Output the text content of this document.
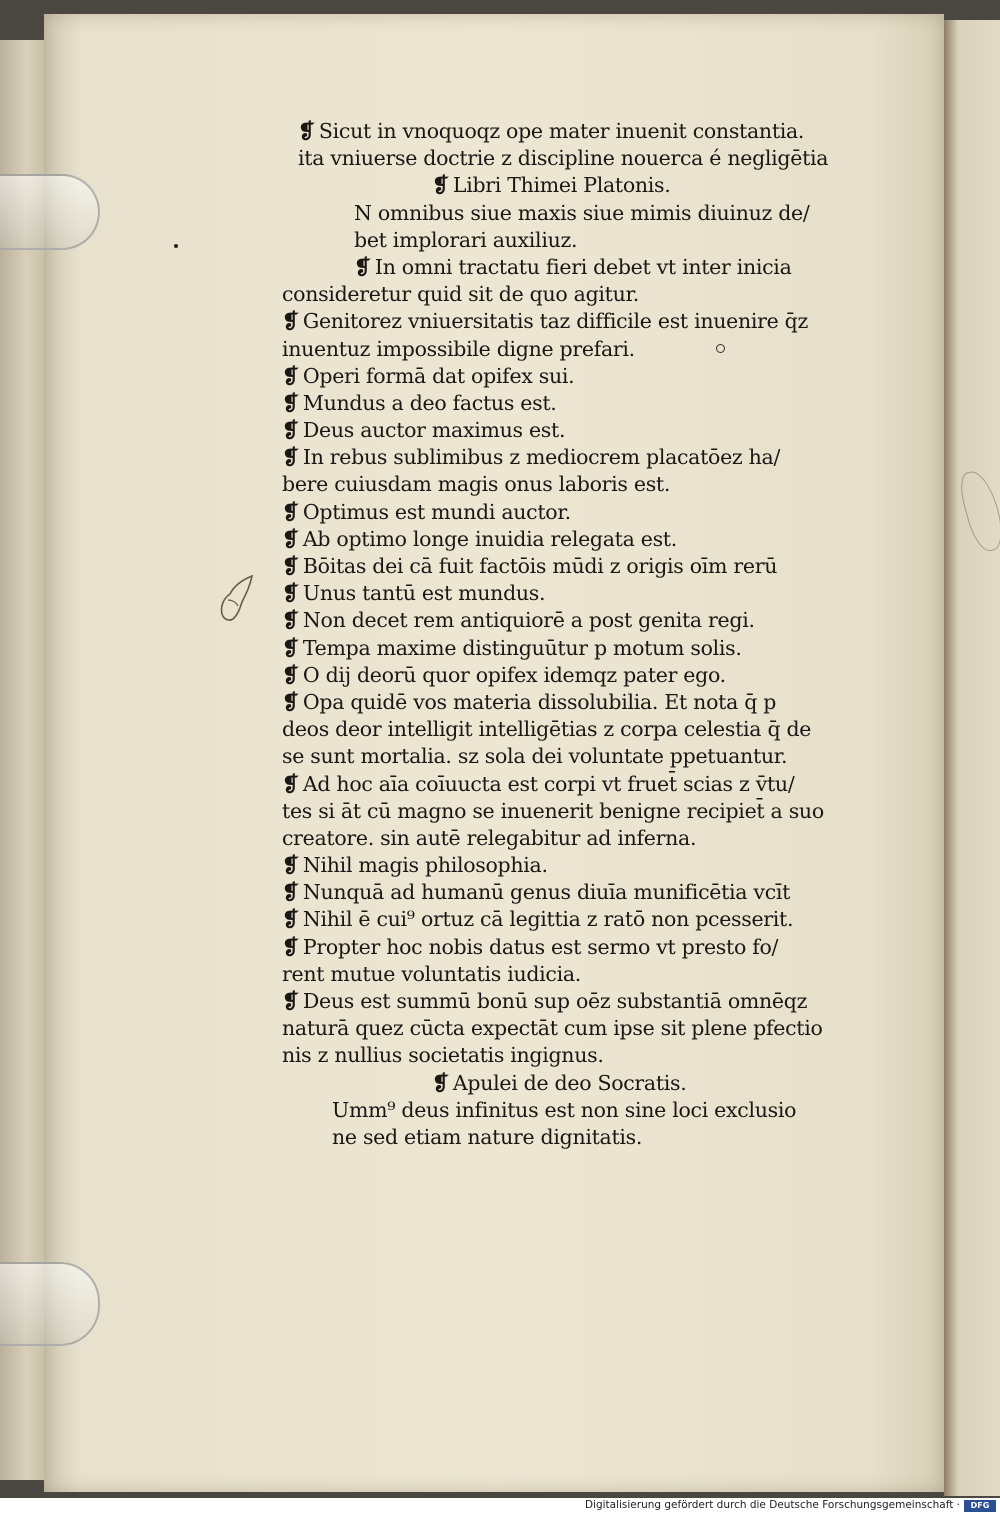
❡ Sicut in vnoquoqz ope mater inuenit constantia.
ita vniuerse doctrie z discipline nouerca é negligētia
❡ Libri Thimei Platonis.
N omnibus siue maxis siue mimis diuinuz de/
bet implorari auxiliuz.
❡ In omni tractatu fieri debet vt inter inicia
consideretur quid sit de quo agitur.
❡ Genitorez vniuersitatis taz difficile est inuenire q̄z
inuentuz impossibile digne prefari.
❡ Operi formā dat opifex sui.
❡ Mundus a deo factus est.
❡ Deus auctor maximus est.
❡ In rebus sublimibus z mediocrem placatōez ha/
bere cuiusdam magis onus laboris est.
❡ Optimus est mundi auctor.
❡ Ab optimo longe inuidia relegata est.
❡ Bōitas dei cā fuit factōis mūdi z origis oīm rerū
❡ Unus tantū est mundus.
❡ Non decet rem antiquiorē a post genita regi.
❡ Tempa maxime distinguūtur p motum solis.
❡ O dij deorū quor opifex idemqz pater ego.
❡ Opa quidē vos materia dissolubilia. Et nota q̄ p
deos deor intelligit intelligētias z corpa celestia q̄ de
se sunt mortalia. sz sola dei voluntate ppetuantur.
❡ Ad hoc aīa coīuucta est corpi vt fruet̄ scias z v̄tu/
tes si āt cū magno se inuenerit benigne recipiet̄ a suo
creatore. sin autē relegabitur ad inferna.
❡ Nihil magis philosophia.
❡ Nunquā ad humanū genus diuīa munificētia vcīt
❡ Nihil ē cui⁹ ortuz cā legittia z ratō non pcesserit.
❡ Propter hoc nobis datus est sermo vt presto fo/
rent mutue voluntatis iudicia.
❡ Deus est summū bonū sup oēz substantiā omnēqz
naturā quez cūcta expectāt cum ipse sit plene pfectio
nis z nullius societatis ingignus.
❡ Apulei de deo Socratis.
Umm⁹ deus infinitus est non sine loci exclusio
ne sed etiam nature dignitatis.
Digitalisierung gefördert durch die Deutsche Forschungsgemeinschaft ·	DFG
